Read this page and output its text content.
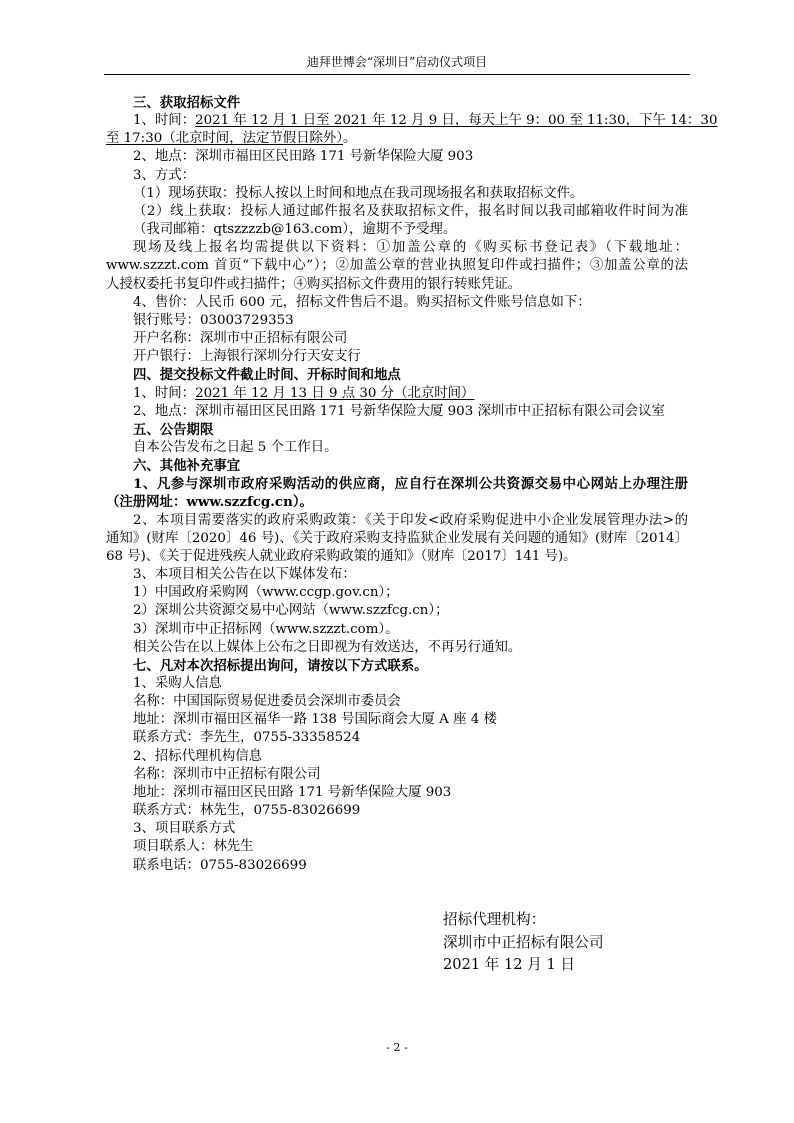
迪拜世博会“深圳日”启动仪式项目
三、获取招标文件
1、时间：2021 年 12 月 1 日至 2021 年 12 月 9 日，每天上午 9：00 至 11:30，下午 14：30
至 17:30（北京时间，法定节假日除外）。
2、地点：深圳市福田区民田路 171 号新华保险大厦 903
3、方式：
（1）现场获取：投标人按以上时间和地点在我司现场报名和获取招标文件。
（2）线上获取：投标人通过邮件报名及获取招标文件，报名时间以我司邮箱收件时间为准
（我司邮箱：qtszzzzb@163.com），逾期不予受理。
现场及线上报名均需提供以下资料：①加盖公章的《购买标书登记表》（下载地址：
www.szzzt.com 首页“下载中心”）；②加盖公章的营业执照复印件或扫描件；③加盖公章的法
人授权委托书复印件或扫描件；④购买招标文件费用的银行转账凭证。
4、售价：人民币 600 元，招标文件售后不退。购买招标文件账号信息如下：
银行账号：03003729353
开户名称：深圳市中正招标有限公司
开户银行：上海银行深圳分行天安支行
四、提交投标文件截止时间、开标时间和地点
1、时间：2021 年 12 月 13 日 9 点 30 分（北京时间）
2、地点：深圳市福田区民田路 171 号新华保险大厦 903 深圳市中正招标有限公司会议室
五、公告期限
自本公告发布之日起 5 个工作日。
六、其他补充事宜
1、凡参与深圳市政府采购活动的供应商，应自行在深圳公共资源交易中心网站上办理注册
（注册网址：www.szzfcg.cn）。
2、本项目需要落实的政府采购政策：《关于印发<政府采购促进中小企业发展管理办法>的
通知》(财库〔2020〕46 号)、《关于政府采购支持监狱企业发展有关问题的通知》(财库〔2014〕
68 号)、《关于促进残疾人就业政府采购政策的通知》（财库〔2017〕141 号)。
3、本项目相关公告在以下媒体发布：
1）中国政府采购网（www.ccgp.gov.cn）；
2）深圳公共资源交易中心网站（www.szzfcg.cn）；
3）深圳市中正招标网（www.szzzt.com）。
相关公告在以上媒体上公布之日即视为有效送达，不再另行通知。
七、凡对本次招标提出询问，请按以下方式联系。
1、采购人信息
名称：中国国际贸易促进委员会深圳市委员会
地址：深圳市福田区福华一路 138 号国际商会大厦 A 座 4 楼
联系方式：李先生，0755-33358524
2、招标代理机构信息
名称：深圳市中正招标有限公司
地址：深圳市福田区民田路 171 号新华保险大厦 903
联系方式：林先生，0755-83026699
3、项目联系方式
项目联系人：林先生
联系电话：0755-83026699
招标代理机构：
深圳市中正招标有限公司
2021 年 12 月 1 日
- 2 -
